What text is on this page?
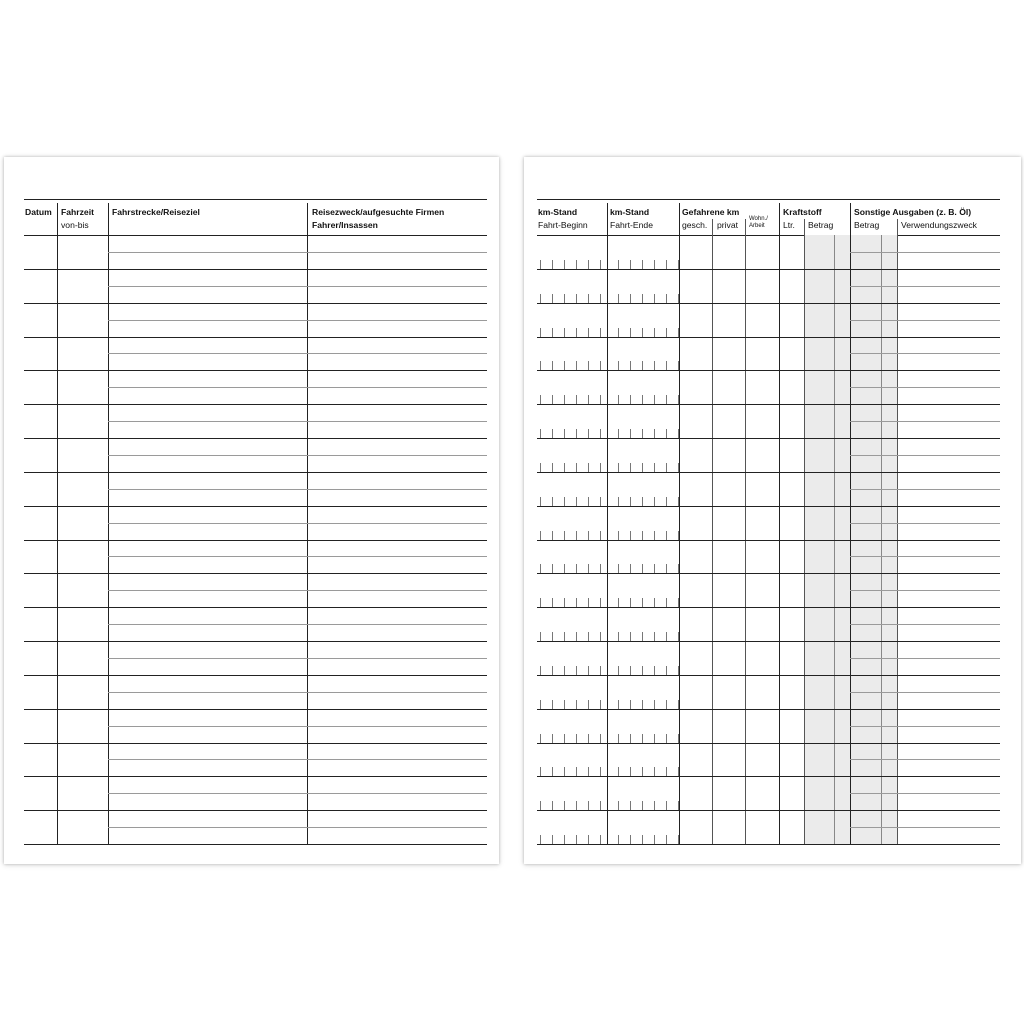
Datum Fahrzeit
von-bis
Fahrstrecke/Reiseziel	Reisezweck/aufgesuchte Firmen
Fahrer/Insassen
km-Stand
Fahrt-Beginn
km-Stand
Fahrt-Ende
Gefahrene km
gesch. privat
Wohn./
Arbeit
Kraftstoff
Ltr. Betrag
Sonstige Ausgaben (z. B. Öl)
Betrag	Verwendungszweck
